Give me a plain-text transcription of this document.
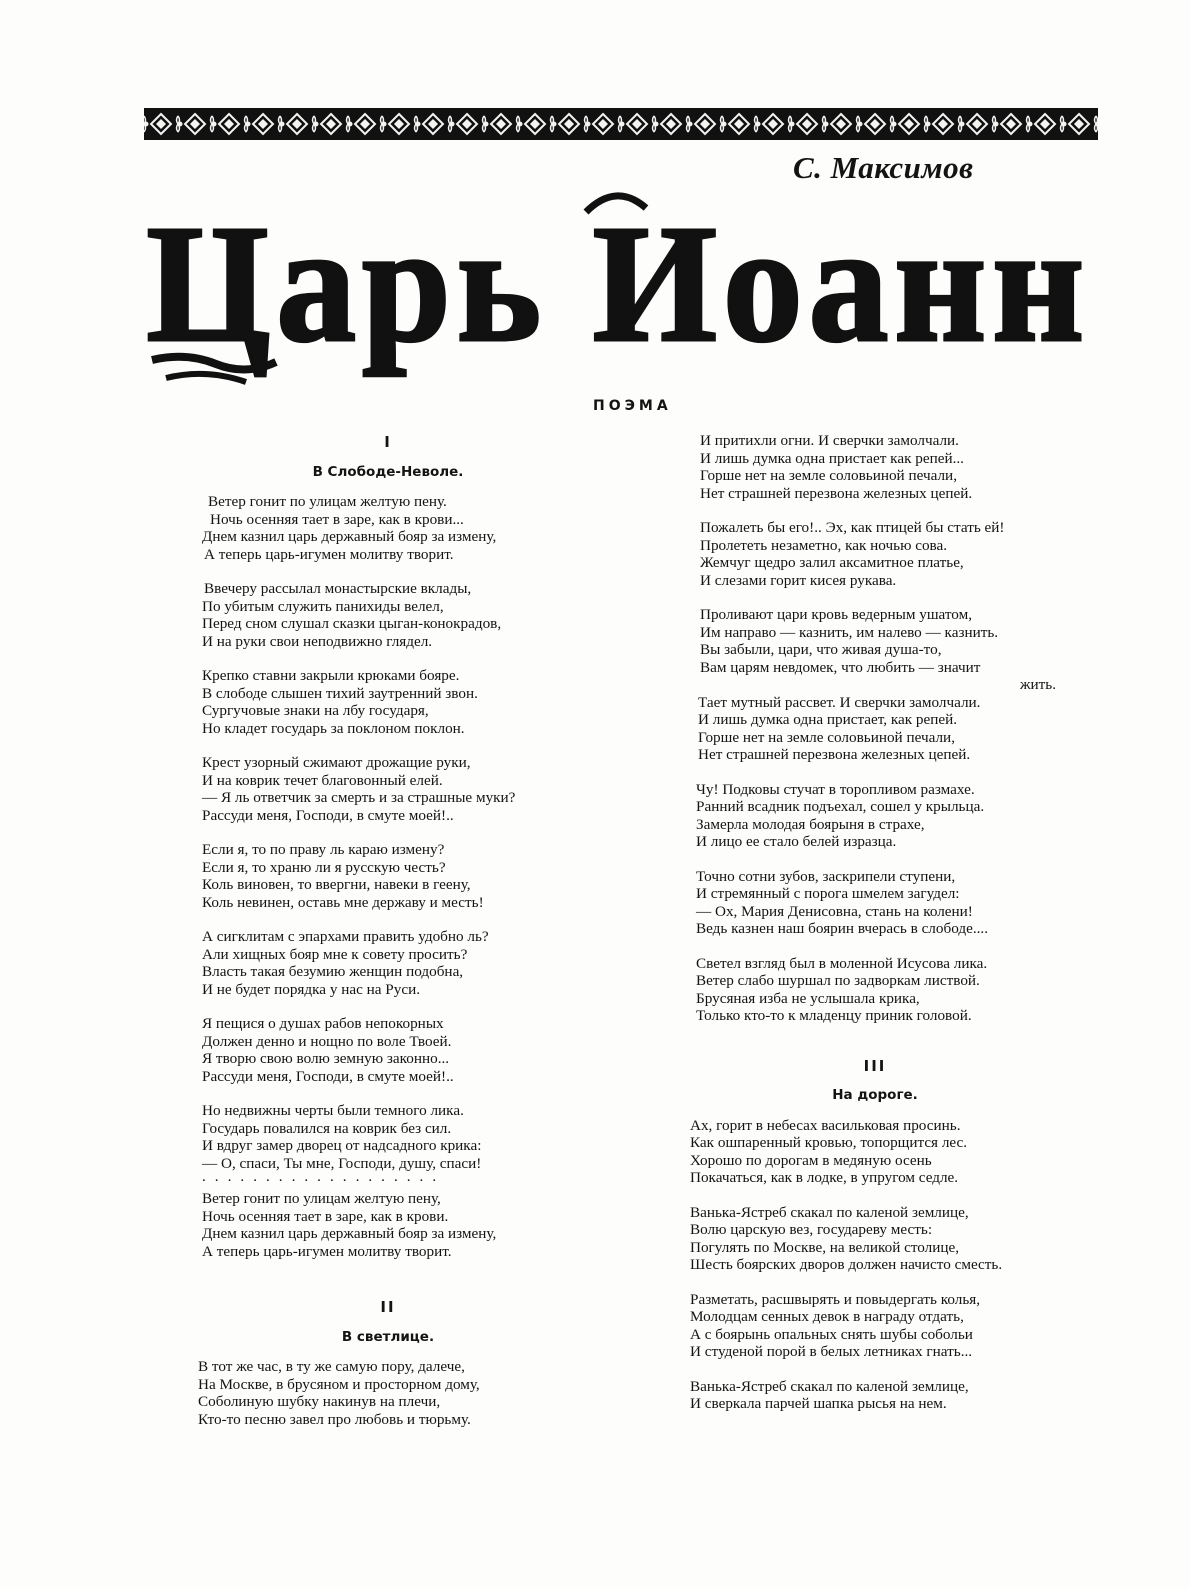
С. Максимов
Царь Иоанн
ПОЭМА
I
В Слободе-Неволе.
Ветер гонит по улицам желтую пену.
Ночь осенняя тает в заре, как в крови...
Днем казнил царь державный бояр за измену,
А теперь царь-игумен молитву творит.
Ввечеру рассылал монастырские вклады,
По убитым служить панихиды велел,
Перед сном слушал сказки цыган-конокрадов,
И на руки свои неподвижно глядел.
Крепко ставни закрыли крюками бояре.
В слободе слышен тихий заутренний звон.
Сургучовые знаки на лбу государя,
Но кладет государь за поклоном поклон.
Крест узорный сжимают дрожащие руки,
И на коврик течет благовонный елей.
— Я ль ответчик за смерть и за страшные муки?
Рассуди меня, Господи, в смуте моей!..
Если я, то по праву ль караю измену?
Если я, то храню ли я русскую честь?
Коль виновен, то ввергни, навеки в геену,
Коль невинен, оставь мне державу и месть!
А сигклитам с эпархами править удобно ль?
Али хищных бояр мне к совету просить?
Власть такая безумию женщин подобна,
И не будет порядка у нас на Руси.
Я пещися о душах рабов непокорных
Должен денно и нощно по воле Твоей.
Я творю свою волю земную законно...
Рассуди меня, Господи, в смуте моей!..
Но недвижны черты были темного лика.
Государь повалился на коврик без сил.
И вдруг замер дворец от надсадного крика:
— О, спаси, Ты мне, Господи, душу, спаси!
...................
Ветер гонит по улицам желтую пену,
Ночь осенняя тает в заре, как в крови.
Днем казнил царь державный бояр за измену,
А теперь царь-игумен молитву творит.
II
В светлице.
В тот же час, в ту же самую пору, далече,
На Москве, в брусяном и просторном дому,
Соболиную шубку накинув на плечи,
Кто-то песню завел про любовь и тюрьму.
И притихли огни. И сверчки замолчали.
И лишь думка одна пристает как репей...
Горше нет на земле соловьиной печали,
Нет страшней перезвона железных цепей.
Пожалеть бы его!.. Эх, как птицей бы стать ей!
Пролететь незаметно, как ночью сова.
Жемчуг щедро залил аксамитное платье,
И слезами горит кисея рукава.
Проливают цари кровь ведерным ушатом,
Им направо — казнить, им налево — казнить.
Вы забыли, цари, что живая душа-то,
Вам царям невдомек, что любить — значит
жить.
Тает мутный рассвет. И сверчки замолчали.
И лишь думка одна пристает, как репей.
Горше нет на земле соловьиной печали,
Нет страшней перезвона железных цепей.
Чу! Подковы стучат в торопливом размахе.
Ранний всадник подъехал, сошел у крыльца.
Замерла молодая боярыня в страхе,
И лицо ее стало белей изразца.
Точно сотни зубов, заскрипели ступени,
И стремянный с порога шмелем загудел:
— Ох, Мария Денисовна, стань на колени!
Ведь казнен наш боярин вчерась в слободе....
Светел взгляд был в моленной Исусова лика.
Ветер слабо шуршал по задворкам листвой.
Брусяная изба не услышала крика,
Только кто-то к младенцу приник головой.
III
На дороге.
Ах, горит в небесах васильковая просинь.
Как ошпаренный кровью, топорщится лес.
Хорошо по дорогам в медяную осень
Покачаться, как в лодке, в упругом седле.
Ванька-Ястреб скакал по каленой землице,
Волю царскую вез, государеву месть:
Погулять по Москве, на великой столице,
Шесть боярских дворов должен начисто сместь.
Разметать, расшвырять и повыдергать колья,
Молодцам сенных девок в награду отдать,
А с боярынь опальных снять шубы собольи
И студеной порой в белых летниках гнать...
Ванька-Ястреб скакал по каленой землице,
И сверкала парчей шапка рысья на нем.
